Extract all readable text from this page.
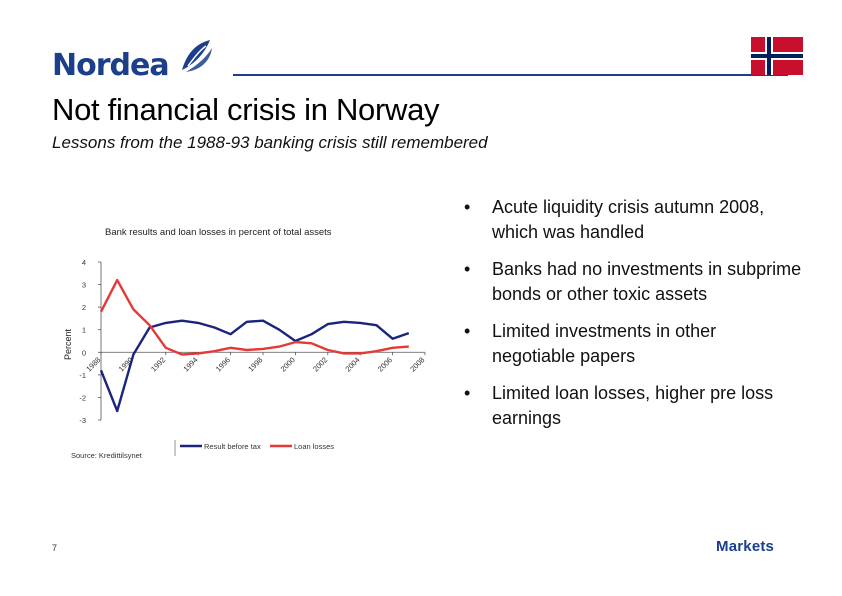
Nordea
Not financial crisis in Norway

Lessons from the 1988-93 banking crisis still remembered

Bank results and loan losses in percent of total assets
Percent
-3
-2
-1
0
1
2
3
4
1988 1990 1992 1994 1996 1998 2000 2002 2004 2006 2008
Source: Kredittilsynet
Result before tax	Loan losses
• Acute liquidity crisis autumn 2008, which was handled
• Banks had no investments in subprime bonds or other toxic assets
• Limited investments in other negotiable papers
• Limited loan losses, higher pre loss earnings
7	Markets
